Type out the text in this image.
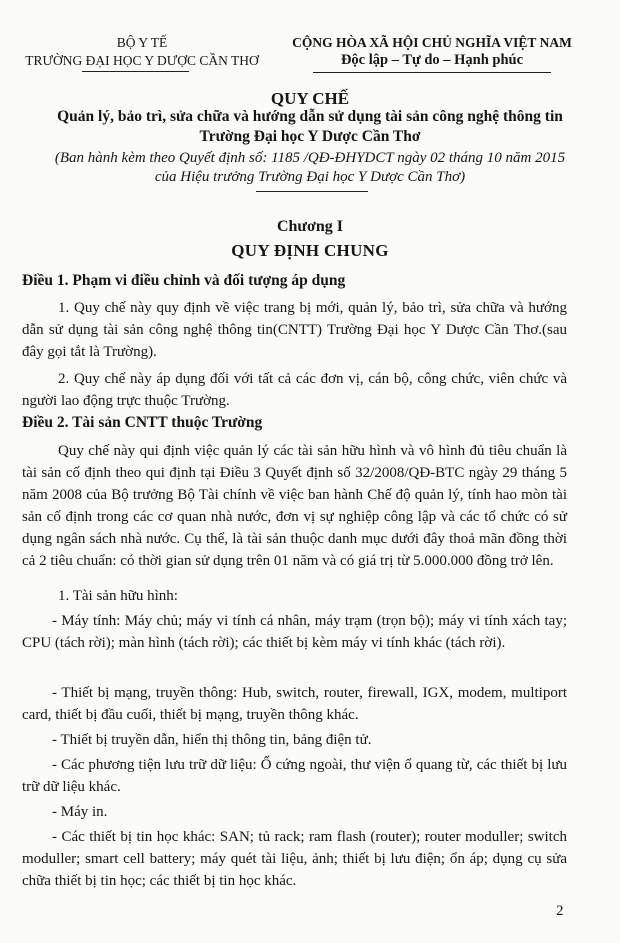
BỘ Y TẾ
TRƯỜNG ĐẠI HỌC Y DƯỢC CẦN THƠ
CỘNG HÒA XÃ HỘI CHỦ NGHĨA VIỆT NAM
Độc lập – Tự do – Hạnh phúc
QUY CHẾ
Quản lý, bảo trì, sửa chữa và hướng dẫn sử dụng tài sản công nghệ thông tin
Trường Đại học Y Dược Cần Thơ
(Ban hành kèm theo Quyết định số: 1185 /QĐ-ĐHYDCT ngày 02 tháng 10 năm 2015
của Hiệu trưởng Trường Đại học Y Dược Cần Thơ)
Chương I
QUY ĐỊNH CHUNG
Điều 1. Phạm vi điều chỉnh và đối tượng áp dụng
1. Quy chế này quy định về việc trang bị mới, quản lý, bảo trì, sửa chữa và hướng dẫn sử dụng tài sản công nghệ thông tin(CNTT) Trường Đại học Y Dược Cần Thơ.(sau đây gọi tắt là Trường).
2. Quy chế này áp dụng đối với tất cả các đơn vị, cán bộ, công chức, viên chức và người lao động trực thuộc Trường.
Điều 2. Tài sản CNTT thuộc Trường
Quy chế này qui định việc quản lý các tài sản hữu hình và vô hình đủ tiêu chuẩn là tài sản cố định theo qui định tại Điều 3 Quyết định số 32/2008/QĐ-BTC ngày 29 tháng 5 năm 2008 của Bộ trưởng Bộ Tài chính về việc ban hành Chế độ quản lý, tính hao mòn tài sản cố định trong các cơ quan nhà nước, đơn vị sự nghiệp công lập và các tổ chức có sử dụng ngân sách nhà nước. Cụ thể, là tài sản thuộc danh mục dưới đây thoả mãn đồng thời cả 2 tiêu chuẩn: có thời gian sử dụng trên 01 năm và có giá trị từ 5.000.000 đồng trở lên.
1. Tài sản hữu hình:
- Máy tính: Máy chủ; máy vi tính cá nhân, máy trạm (trọn bộ); máy vi tính xách tay; CPU (tách rời); màn hình (tách rời); các thiết bị kèm máy vi tính khác (tách rời).
- Thiết bị mạng, truyền thông: Hub, switch, router, firewall, IGX, modem, multiport card, thiết bị đầu cuối, thiết bị mạng, truyền thông khác.
- Thiết bị truyền dẫn, hiển thị thông tin, bảng điện tử.
- Các phương tiện lưu trữ dữ liệu: Ổ cứng ngoài, thư viện ổ quang từ, các thiết bị lưu trữ dữ liệu khác.
- Máy in.
- Các thiết bị tin học khác: SAN; tủ rack; ram flash (router); router moduller; switch moduller; smart cell battery; máy quét tài liệu, ảnh; thiết bị lưu điện; ổn áp; dụng cụ sửa chữa thiết bị tin học; các thiết bị tin học khác.
2
